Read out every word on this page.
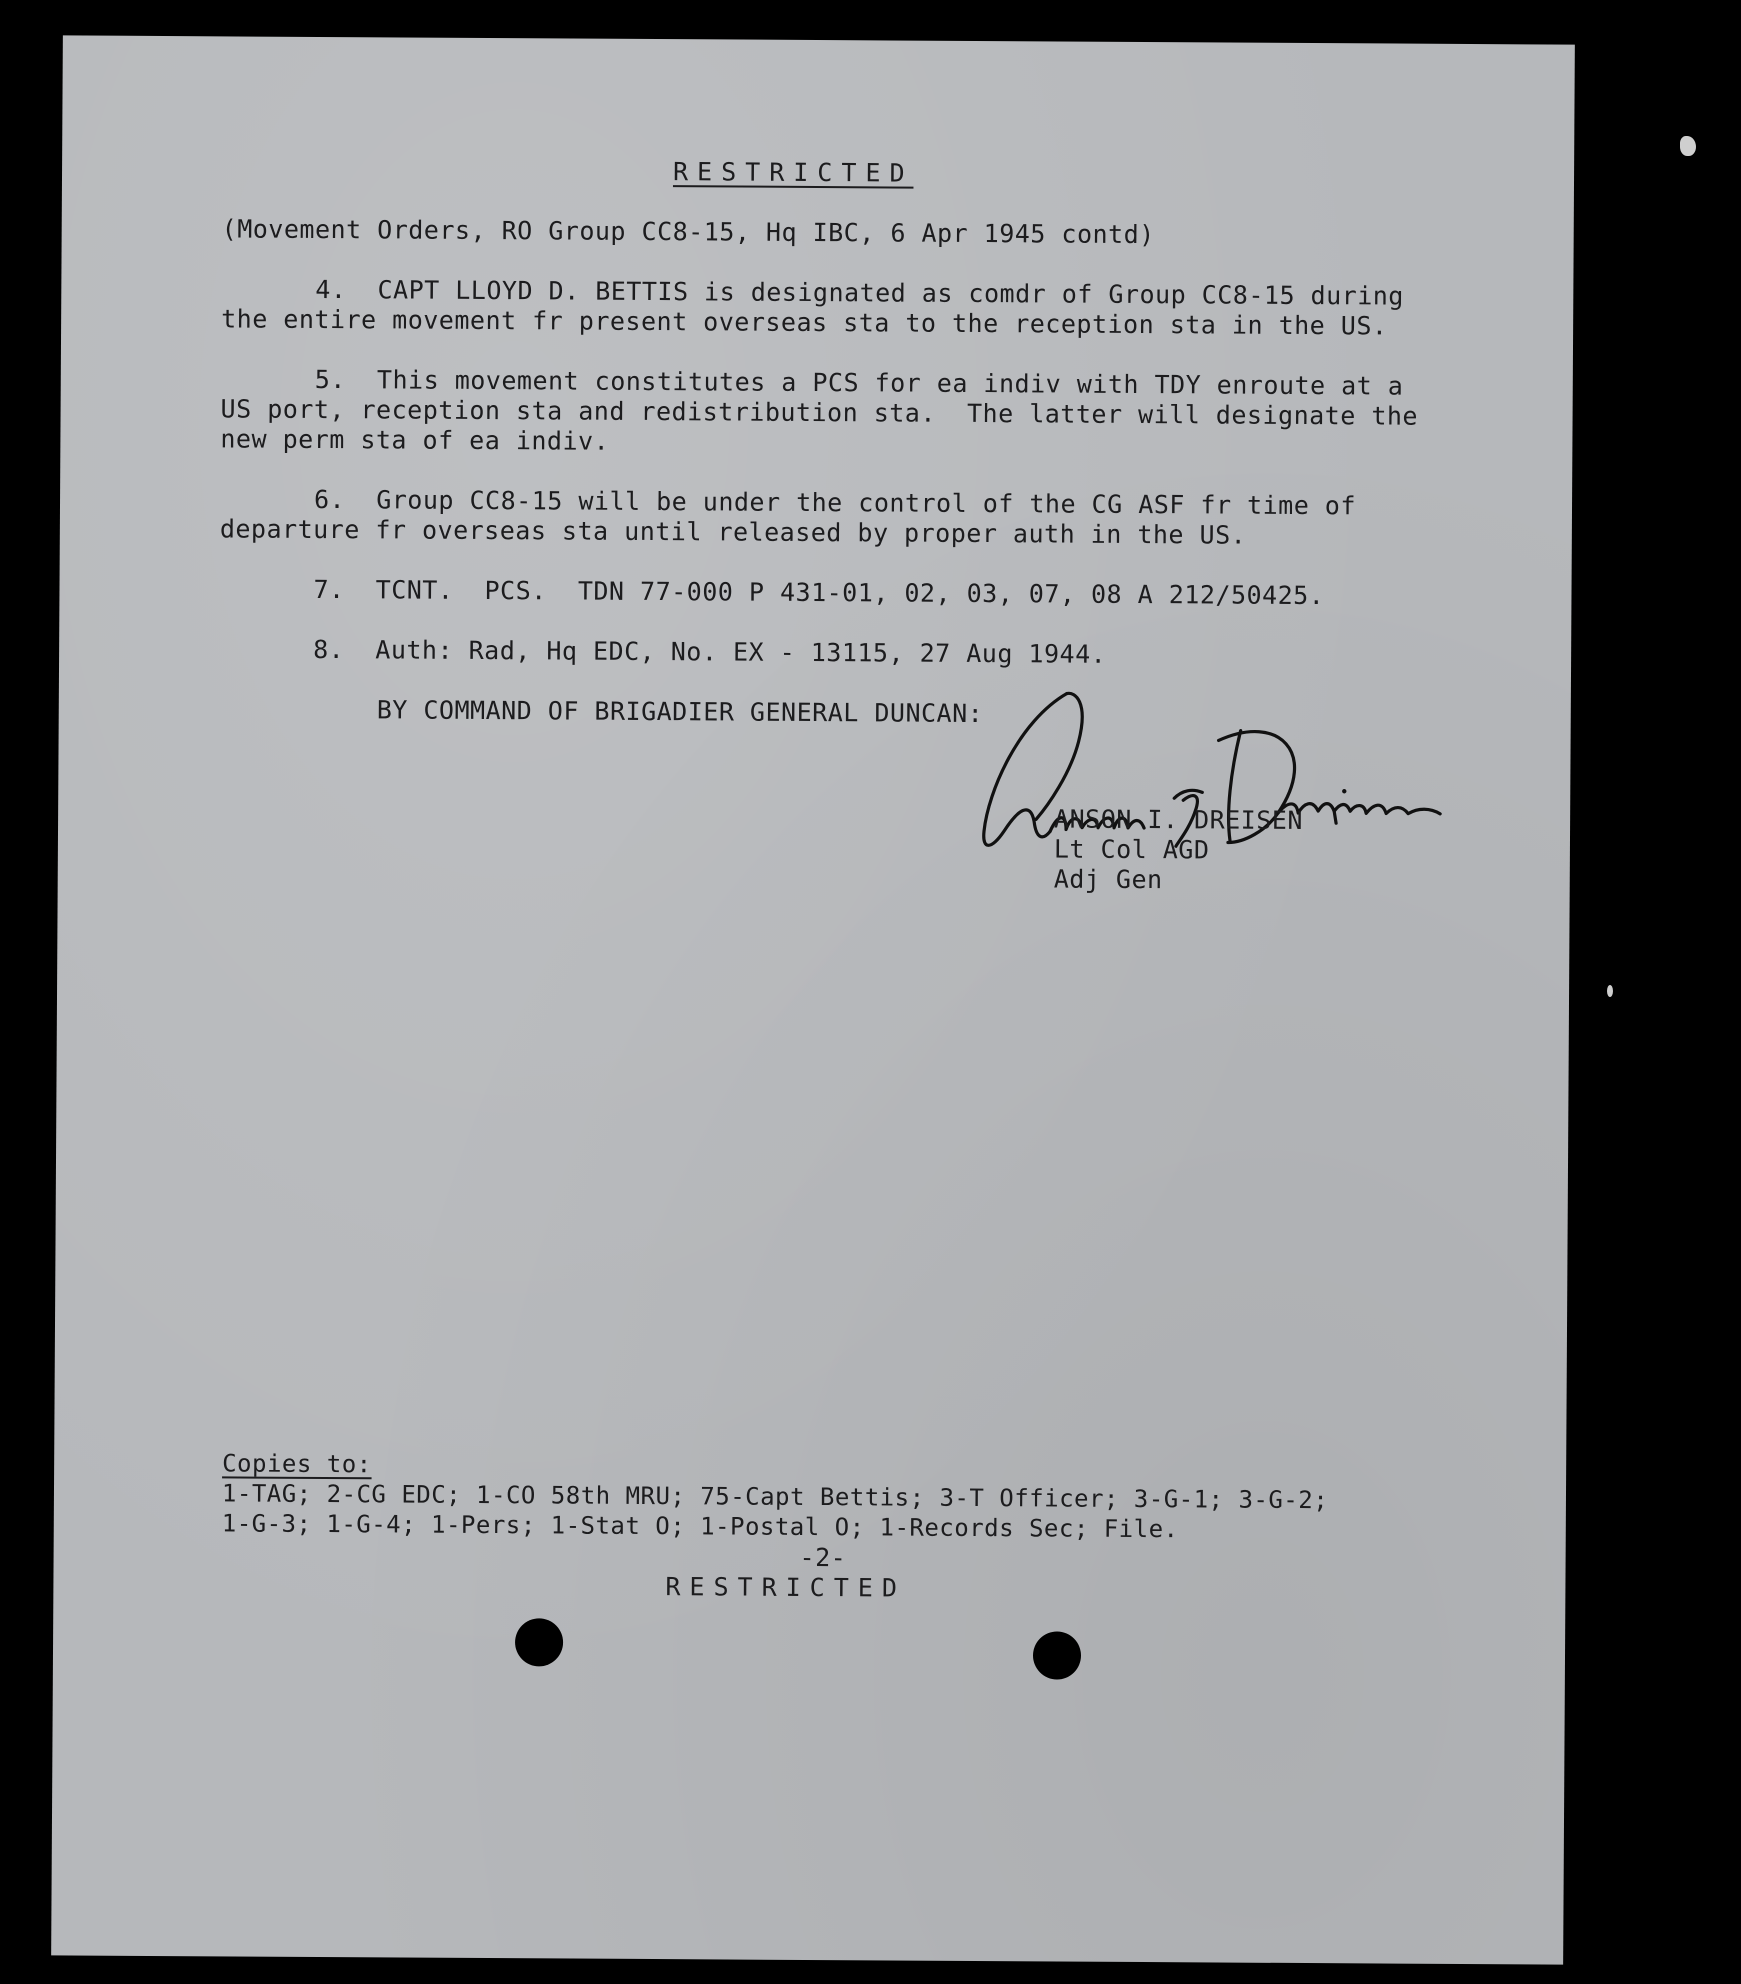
RESTRICTED
(Movement Orders, RO Group CC8-15, Hq IBC, 6 Apr 1945 contd)
4.  CAPT LLOYD D. BETTIS is designated as comdr of Group CC8-15 during
the entire movement fr present overseas sta to the reception sta in the US.
5.  This movement constitutes a PCS for ea indiv with TDY enroute at a
US port, reception sta and redistribution sta.  The latter will designate the
new perm sta of ea indiv.
6.  Group CC8-15 will be under the control of the CG ASF fr time of
departure fr overseas sta until released by proper auth in the US.
7.  TCNT.  PCS.  TDN 77-000 P 431-01, 02, 03, 07, 08 A 212/50425.
8.  Auth: Rad, Hq EDC, No. EX - 13115, 27 Aug 1944.
BY COMMAND OF BRIGADIER GENERAL DUNCAN:
ANSON I. DREISEN
Lt Col AGD
Adj Gen
Copies to:
1-TAG; 2-CG EDC; 1-CO 58th MRU; 75-Capt Bettis; 3-T Officer; 3-G-1; 3-G-2;
1-G-3; 1-G-4; 1-Pers; 1-Stat O; 1-Postal O; 1-Records Sec; File.
-2-
RESTRICTED
